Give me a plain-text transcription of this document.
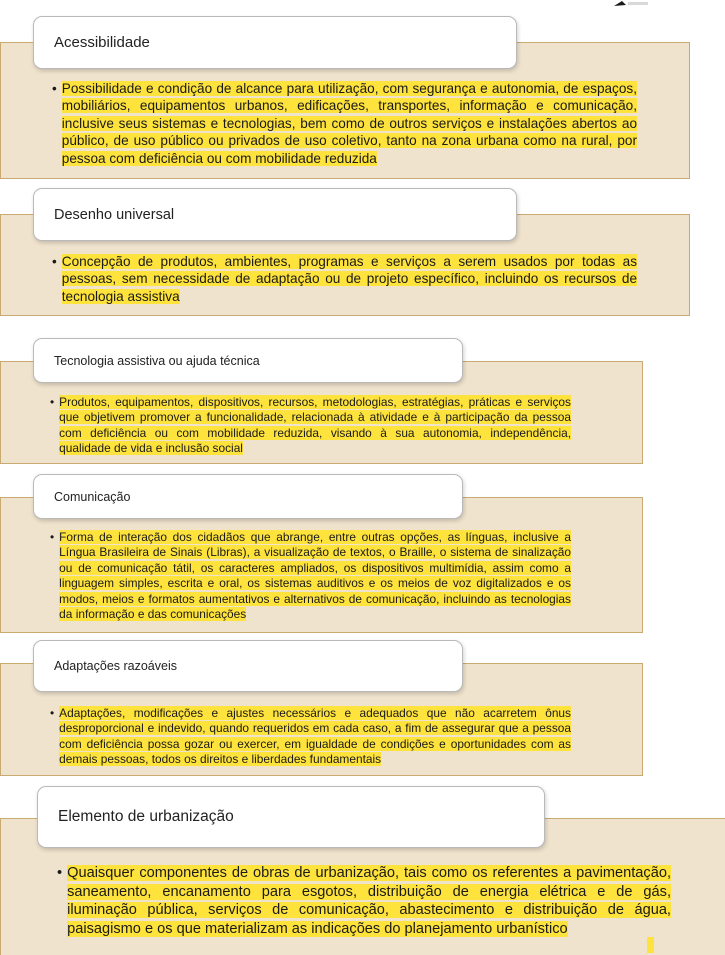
Acessibilidade
• Possibilidade e condição de alcance para utilização, com segurança e autonomia, de espaços, mobiliários, equipamentos urbanos, edificações, transportes, informação e comunicação, inclusive seus sistemas e tecnologias, bem como de outros serviços e instalações abertos ao público, de uso público ou privados de uso coletivo, tanto na zona urbana como na rural, por pessoa com deficiência ou com mobilidade reduzida
Desenho universal
• Concepção de produtos, ambientes, programas e serviços a serem usados por todas as pessoas, sem necessidade de adaptação ou de projeto específico, incluindo os recursos de tecnologia assistiva
Tecnologia assistiva ou ajuda técnica
• Produtos, equipamentos, dispositivos, recursos, metodologias, estratégias, práticas e serviços que objetivem promover a funcionalidade, relacionada à atividade e à participação da pessoa com deficiência ou com mobilidade reduzida, visando à sua autonomia, independência, qualidade de vida e inclusão social
Comunicação
• Forma de interação dos cidadãos que abrange, entre outras opções, as línguas, inclusive a Língua Brasileira de Sinais (Libras), a visualização de textos, o Braille, o sistema de sinalização ou de comunicação tátil, os caracteres ampliados, os dispositivos multimídia, assim como a linguagem simples, escrita e oral, os sistemas auditivos e os meios de voz digitalizados e os modos, meios e formatos aumentativos e alternativos de comunicação, incluindo as tecnologias da informação e das comunicações
Adaptações razoáveis
• Adaptações, modificações e ajustes necessários e adequados que não acarretem ônus desproporcional e indevido, quando requeridos em cada caso, a fim de assegurar que a pessoa com deficiência possa gozar ou exercer, em igualdade de condições e oportunidades com as demais pessoas, todos os direitos e liberdades fundamentais
Elemento de urbanização
• Quaisquer componentes de obras de urbanização, tais como os referentes a pavimentação, saneamento, encanamento para esgotos, distribuição de energia elétrica e de gás, iluminação pública, serviços de comunicação, abastecimento e distribuição de água, paisagismo e os que materializam as indicações do planejamento urbanístico
